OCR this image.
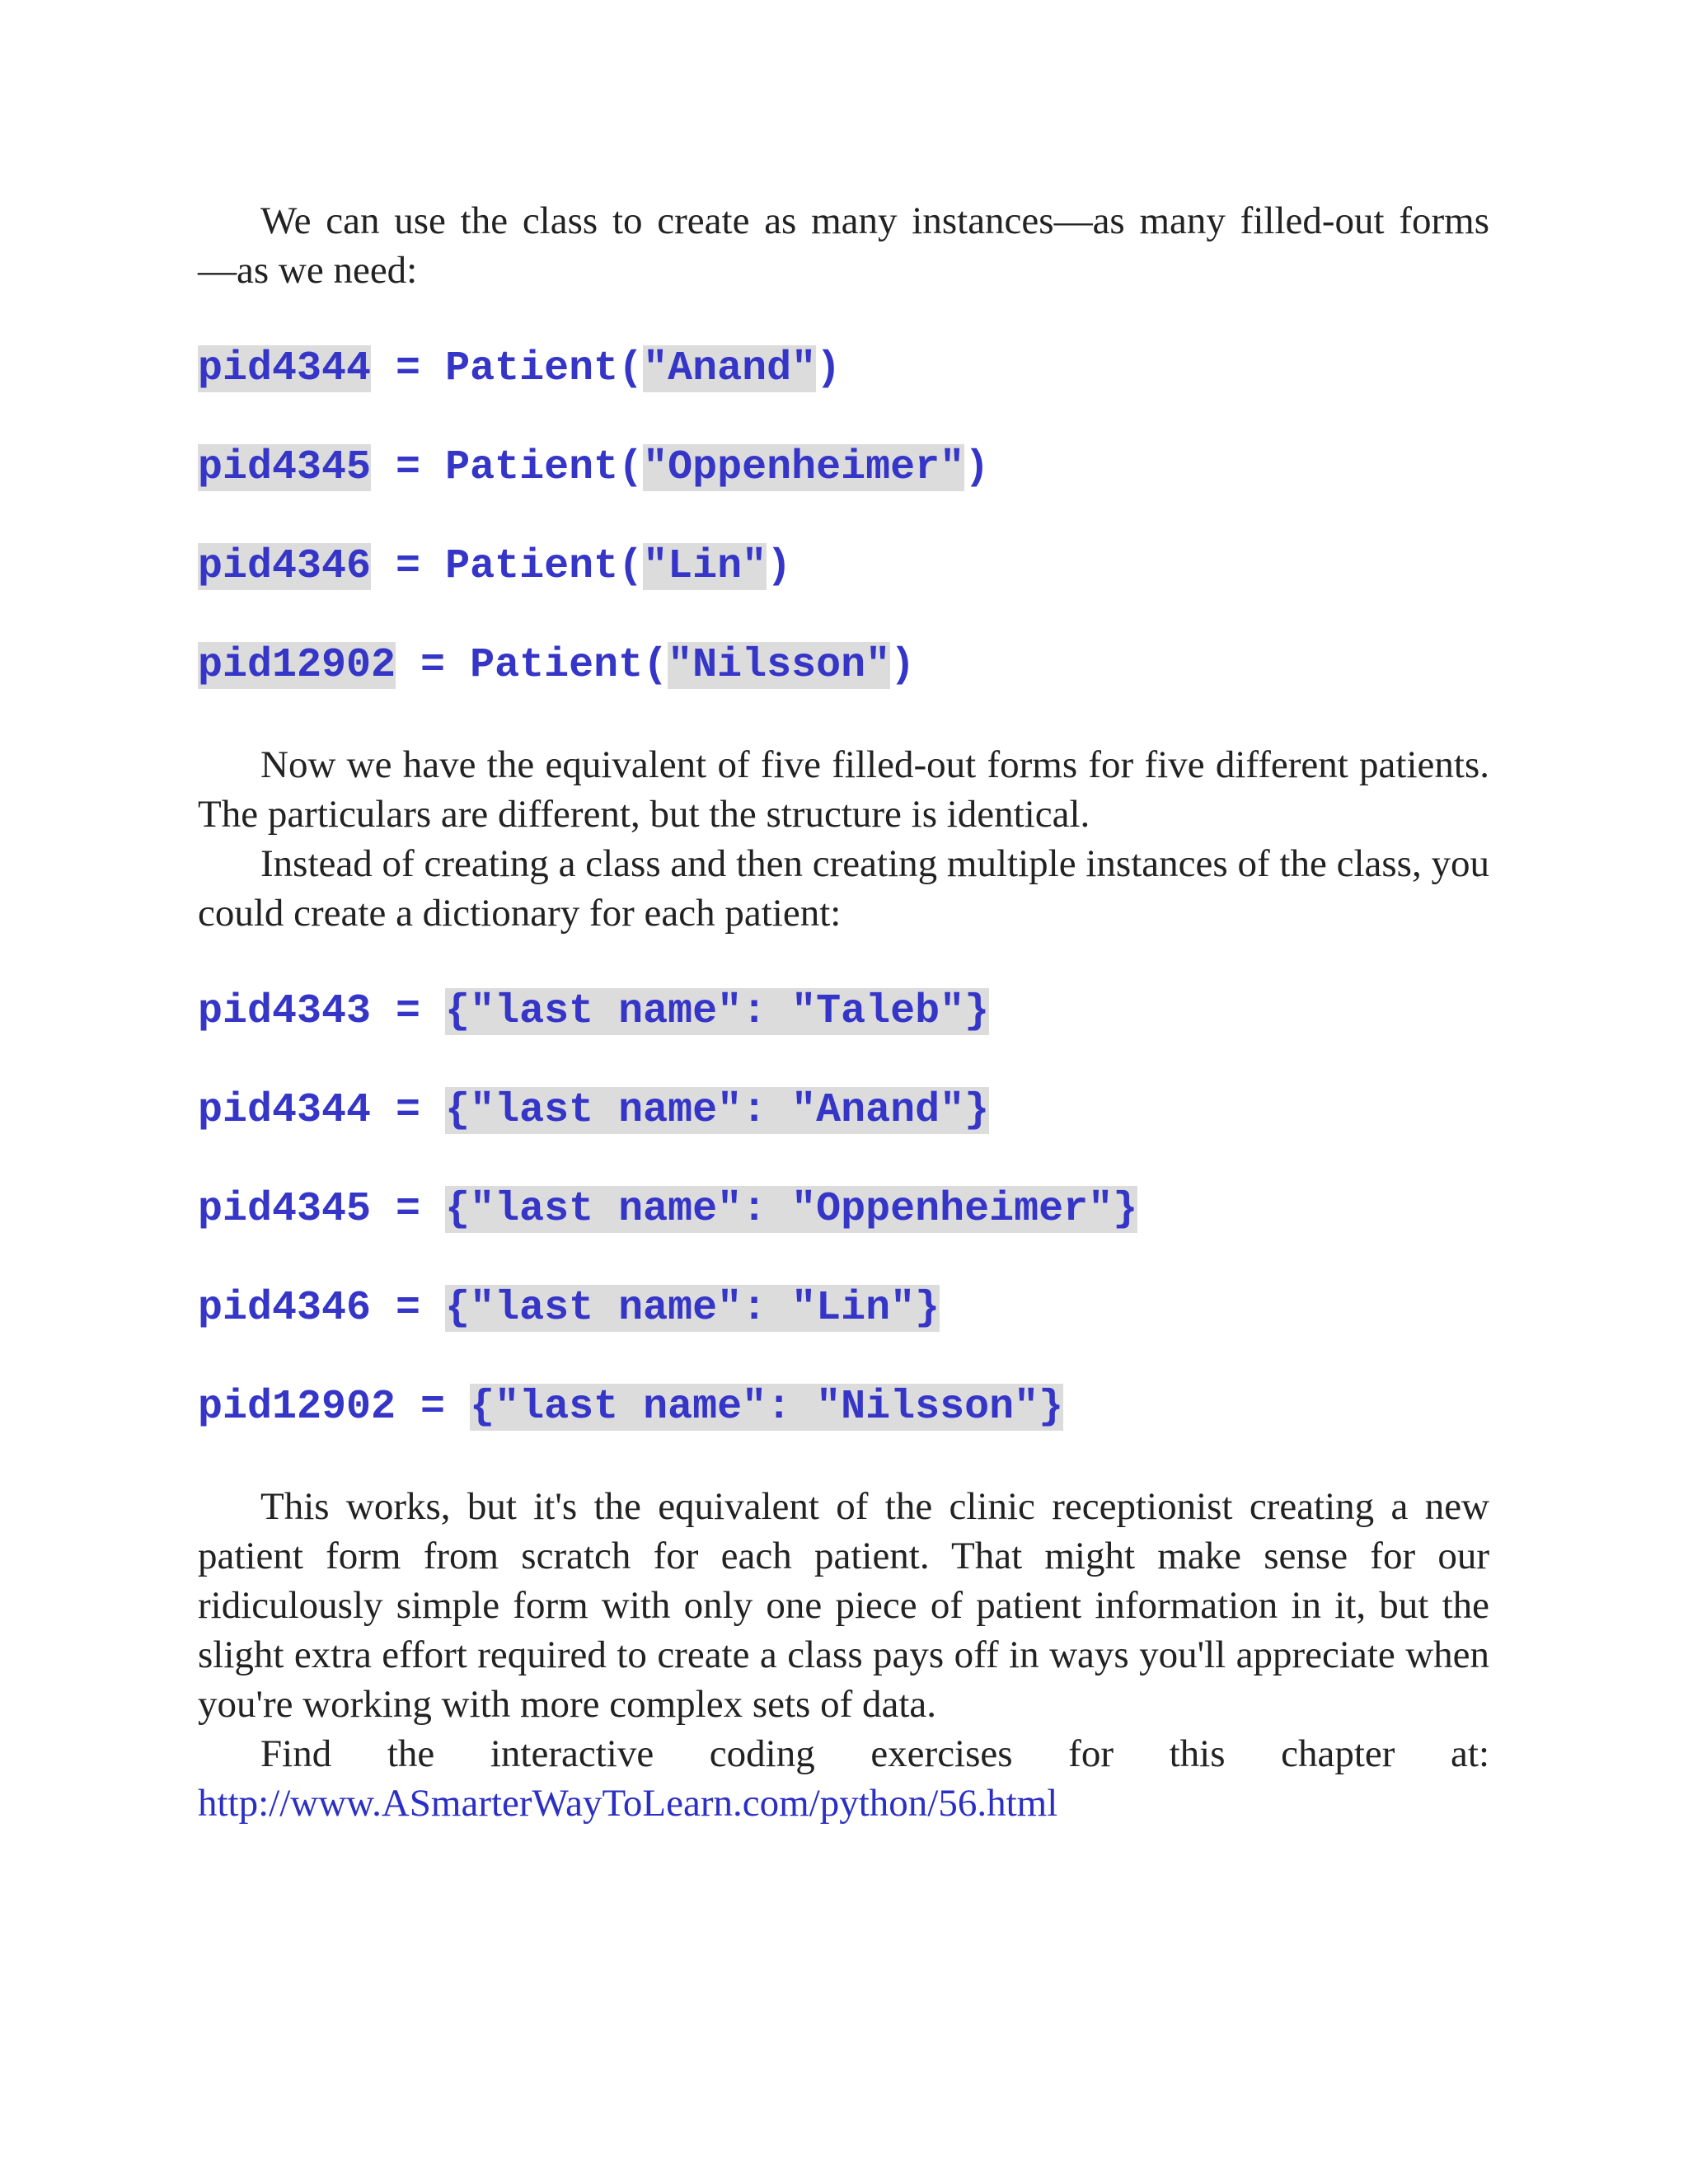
We can use the class to create as many instances—as many filled-out forms

—as we need:

pid4344 = Patient("Anand")
pid4345 = Patient("Oppenheimer")
pid4346 = Patient("Lin")
pid12902 = Patient("Nilsson")

Now we have the equivalent of five filled-out forms for five different patients. The particulars are different, but the structure is identical.

Instead of creating a class and then creating multiple instances of the class, you could create a dictionary for each patient:

pid4343 = {"last name": "Taleb"}
pid4344 = {"last name": "Anand"}
pid4345 = {"last name": "Oppenheimer"}
pid4346 = {"last name": "Lin"}
pid12902 = {"last name": "Nilsson"}

This works, but it's the equivalent of the clinic receptionist creating a new patient form from scratch for each patient. That might make sense for our ridiculously simple form with only one piece of patient information in it, but the slight extra effort required to create a class pays off in ways you'll appreciate when you're working with more complex sets of data.

Find the interactive coding exercises for this chapter at:

http://www.ASmarterWayToLearn.com/python/56.html
